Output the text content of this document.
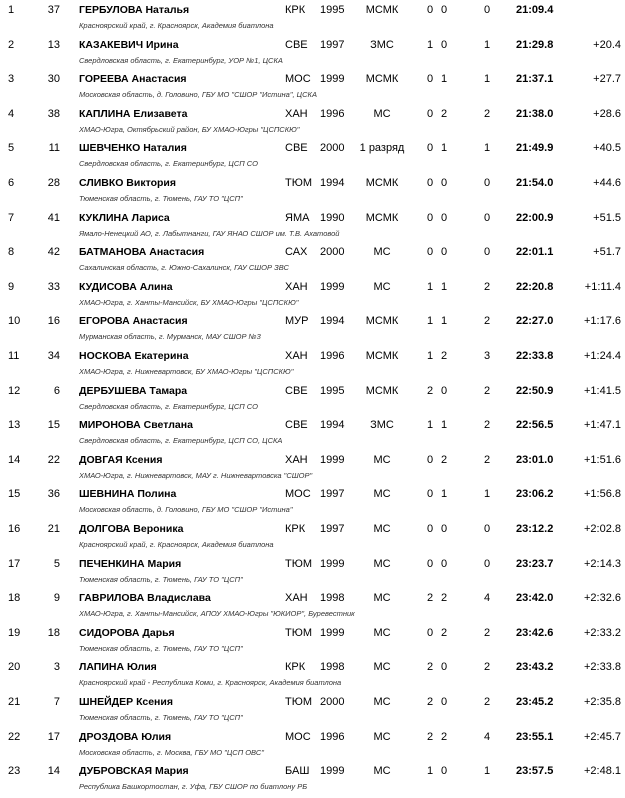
1	37 ГЕРБУЛОВА Наталья	КРК 1995	МСМК	0 0	0 21:09.4
Красноярский край, г. Красноярск, Академия биатлона
2	13 КАЗАКЕВИЧ Ирина	СВЕ 1997	ЗМС	1 0	1 21:29.8	+20.4
Свердловская область, г. Екатеринбург, УОР №1, ЦСКА
3	30 ГОРЕЕВА Анастасия	МОС 1999	МСМК	0 1	1 21:37.1	+27.7
Московская область, д. Головино, ГБУ МО "СШОР "Истина", ЦСКА
4	38 КАПЛИНА Елизавета	ХАН 1996	МС	0 2	2 21:38.0	+28.6
ХМАО-Югра, Октябрьский район, БУ ХМАО-Югры "ЦСПСКЮ"
5	11 ШЕВЧЕНКО Наталия	СВЕ 2000	1 разряд	0 1	1 21:49.9	+40.5
Свердловская область, г. Екатеринбург, ЦСП СО
6	28 СЛИВКО Виктория	ТЮМ 1994	МСМК	0 0	0 21:54.0	+44.6
Тюменская область, г. Тюмень, ГАУ ТО "ЦСП"
7	41 КУКЛИНА Лариса	ЯМА 1990	МСМК	0 0	0 22:00.9	+51.5
Ямало-Ненецкий АО, г. Лабытнанги, ГАУ ЯНАО СШОР им. Т.В. Ахатовой
8	42 БАТМАНОВА Анастасия	САХ 2000	МС	0 0	0 22:01.1	+51.7
Сахалинская область, г. Южно-Сахалинск, ГАУ СШОР ЗВС
9	33 КУДИСОВА Алина	ХАН 1999	МС	1 1	2 22:20.8	+1:11.4
ХМАО-Югра, г. Ханты-Мансийск, БУ ХМАО-Югры "ЦСПСКЮ"
10	16 ЕГОРОВА Анастасия	МУР 1994	МСМК	1 1	2 22:27.0	+1:17.6
Мурманская область, г. Мурманск, МАУ СШОР №3
11	34 НОСКОВА Екатерина	ХАН 1996	МСМК	1 2	3 22:33.8	+1:24.4
ХМАО-Югра, г. Нижневартовск, БУ ХМАО-Югры "ЦСПСКЮ"
12	6 ДЕРБУШЕВА Тамара	СВЕ 1995	МСМК	2 0	2 22:50.9	+1:41.5
Свердловская область, г. Екатеринбург, ЦСП СО
13	15 МИРОНОВА Светлана	СВЕ 1994	ЗМС	1 1	2 22:56.5	+1:47.1
Свердловская область, г. Екатеринбург, ЦСП СО, ЦСКА
14	22 ДОВГАЯ Ксения	ХАН 1999	МС	0 2	2 23:01.0	+1:51.6
ХМАО-Югра, г. Нижневартовск, МАУ г. Нижневартовска "СШОР"
15	36 ШЕВНИНА Полина	МОС 1997	МС	0 1	1 23:06.2	+1:56.8
Московская область, д. Головино, ГБУ МО "СШОР "Истина"
16	21 ДОЛГОВА Вероника	КРК 1997	МС	0 0	0 23:12.2	+2:02.8
Красноярский край, г. Красноярск, Академия биатлона
17	5 ПЕЧЕНКИНА Мария	ТЮМ 1999	МС	0 0	0 23:23.7	+2:14.3
Тюменская область, г. Тюмень, ГАУ ТО "ЦСП"
18	9 ГАВРИЛОВА Владислава	ХАН 1998	МС	2 2	4 23:42.0	+2:32.6
ХМАО-Югра, г. Ханты-Мансийск, АПОУ ХМАО-Югры "ЮКИОР", Буревестник
19	18 СИДОРОВА Дарья	ТЮМ 1999	МС	0 2	2 23:42.6	+2:33.2
Тюменская область, г. Тюмень, ГАУ ТО "ЦСП"
20	3 ЛАПИНА Юлия	КРК 1998	МС	2 0	2 23:43.2	+2:33.8
Красноярский край - Республика Коми, г. Красноярск, Академия биатлона
21	7 ШНЕЙДЕР Ксения	ТЮМ 2000	МС	2 0	2 23:45.2	+2:35.8
Тюменская область, г. Тюмень, ГАУ ТО "ЦСП"
22	17 ДРОЗДОВА Юлия	МОС 1996	МС	2 2	4 23:55.1	+2:45.7
Московская область, г. Москва, ГБУ МО "ЦСП ОВС"
23	14 ДУБРОВСКАЯ Мария	БАШ 1999	МС	1 0	1 23:57.5	+2:48.1
Республика Башкортостан, г. Уфа, ГБУ СШОР по биатлону РБ
